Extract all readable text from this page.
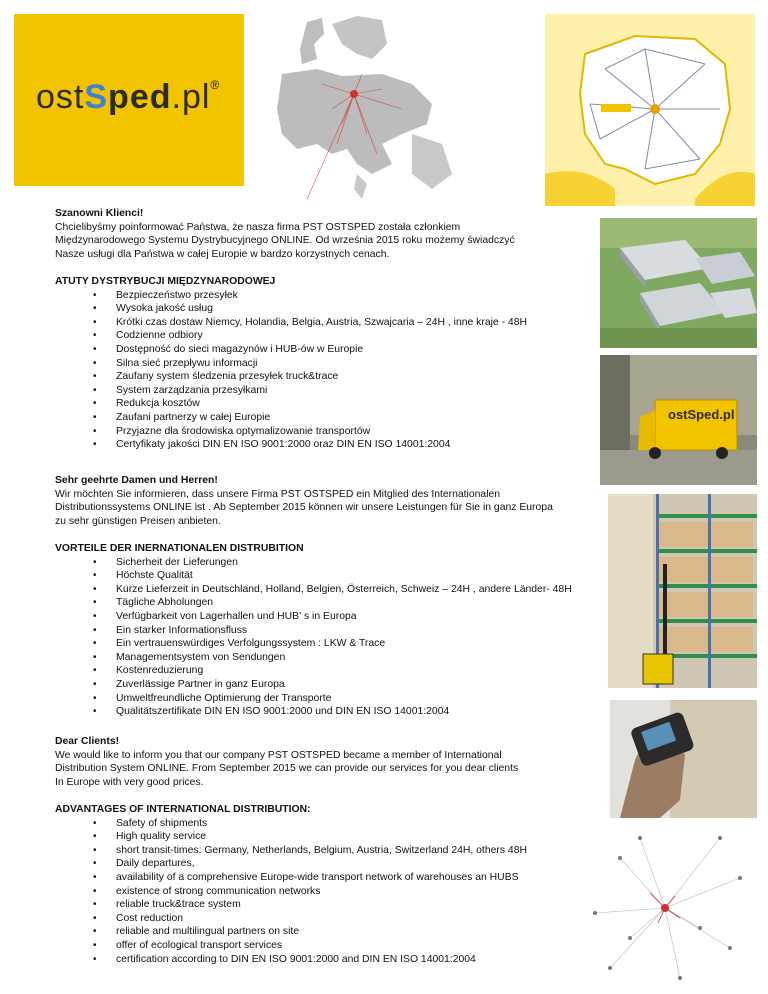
ostSped.pl®
ostSped.pl

Szanowni Klienci!

Chcielibyśmy poinformować Państwa, że nasza firma PST OSTSPED została członkiem

Międzynarodowego Systemu Dystrybucyjnego ONLINE. Od września 2015 roku możemy świadczyć

Nasze usługi dla Państwa w całej Europie w bardzo korzystnych cenach.

ATUTY DYSTRYBUCJI MIĘDZYNARODOWEJ

• Bezpieczeństwo przesyłek
• Wysoka jakość usług
• Krótki czas dostaw Niemcy, Holandia, Belgia, Austria, Szwajcaria – 24H , inne kraje - 48H
• Codzienne odbiory
• Dostępność do sieci magazynów i HUB-ów w Europie
• Silna sieć przepływu informacji
• Zaufany system śledzenia przesyłek truck&trace
• System zarządzania przesyłkami
• Redukcja kosztów
• Zaufani partnerzy w całej Europie
• Przyjazne dla środowiska optymalizowanie transportów
• Certyfikaty jakości DIN EN ISO 9001:2000 oraz DIN EN ISO 14001:2004

Sehr geehrte Damen und Herren!

Wir möchten Sie informieren, dass unsere Firma PST OSTSPED ein Mitglied des Internationalen

Distributionssystems ONLINE ist . Ab September 2015 können wir unsere Leistungen für Sie in ganz Europa

zu sehr günstigen Preisen anbieten.

VORTEILE DER INERNATIONALEN DISTRUBITION

• Sicherheit der Lieferungen
• Höchste Qualität
• Kurze Lieferzeit in Deutschland, Holland, Belgien, Österreich, Schweiz – 24H , andere Länder- 48H
• Tägliche Abholungen
• Verfügbarkeit von Lagerhallen und HUB' s in Europa
• Ein starker Informationsfluss
• Ein vertrauenswürdiges Verfolgungssystem : LKW & Trace
• Managementsystem von Sendungen
• Kostenreduzierung
• Zuverlässige Partner in ganz Europa
• Umweltfreundliche Optimierung der Transporte
• Qualitätszertifikate DIN EN ISO 9001:2000 und DIN EN ISO 14001:2004

Dear Clients!

We would like to inform you that our company PST OSTSPED became a member of International

Distribution System ONLINE. From September 2015 we can provide our services for you dear clients

In Europe with very good prices.

ADVANTAGES OF INTERNATIONAL DISTRIBUTION:

• Safety of shipments
• High quality service
• short transit-times: Germany, Netherlands, Belgium, Austria, Switzerland 24H, others 48H
• Daily departures,
• availability of a comprehensive Europe-wide transport network of warehouses an HUBS
• existence of strong communication networks
• reliable truck&trace system
• Cost reduction
• reliable and multilingual partners on site
• offer of ecological transport services
• certification according to DIN EN ISO 9001:2000 and DIN EN ISO 14001:2004
